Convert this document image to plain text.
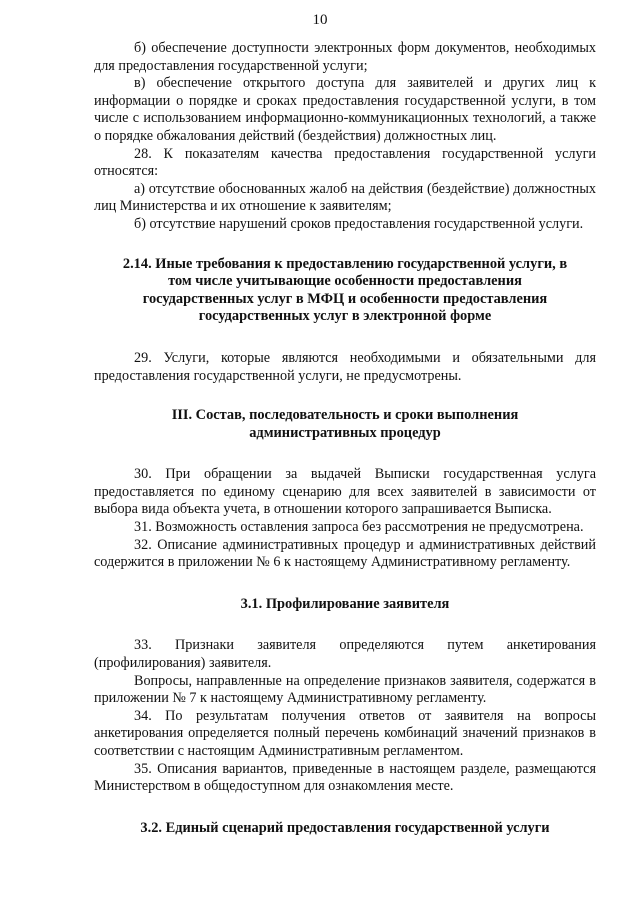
10

б) обеспечение доступности электронных форм документов, необходимых для предоставления государственной услуги;

в) обеспечение открытого доступа для заявителей и других лиц к информации о порядке и сроках предоставления государственной услуги, в том числе с использованием информационно-коммуникационных технологий, а также о порядке обжалования действий (бездействия) должностных лиц.

28. К показателям качества предоставления государственной услуги относятся:

а) отсутствие обоснованных жалоб на действия (бездействие) должностных лиц Министерства и их отношение к заявителям;

б) отсутствие нарушений сроков предоставления государственной услуги.

2.14. Иные требования к предоставлению государственной услуги, в том числе учитывающие особенности предоставления государственных услуг в МФЦ и особенности предоставления государственных услуг в электронной форме

29. Услуги, которые являются необходимыми и обязательными для предоставления государственной услуги, не предусмотрены.

III. Состав, последовательность и сроки выполнения административных процедур

30. При обращении за выдачей Выписки государственная услуга предоставляется по единому сценарию для всех заявителей в зависимости от выбора вида объекта учета, в отношении которого запрашивается Выписка.

31. Возможность оставления запроса без рассмотрения не предусмотрена.

32. Описание административных процедур и административных действий содержится в приложении № 6 к настоящему Административному регламенту.

3.1. Профилирование заявителя

33. Признаки заявителя определяются путем анкетирования (профилирования) заявителя.

Вопросы, направленные на определение признаков заявителя, содержатся в приложении № 7 к настоящему Административному регламенту.

34. По результатам получения ответов от заявителя на вопросы анкетирования определяется полный перечень комбинаций значений признаков в соответствии с настоящим Административным регламентом.

35. Описания вариантов, приведенные в настоящем разделе, размещаются Министерством в общедоступном для ознакомления месте.

3.2. Единый сценарий предоставления государственной услуги
